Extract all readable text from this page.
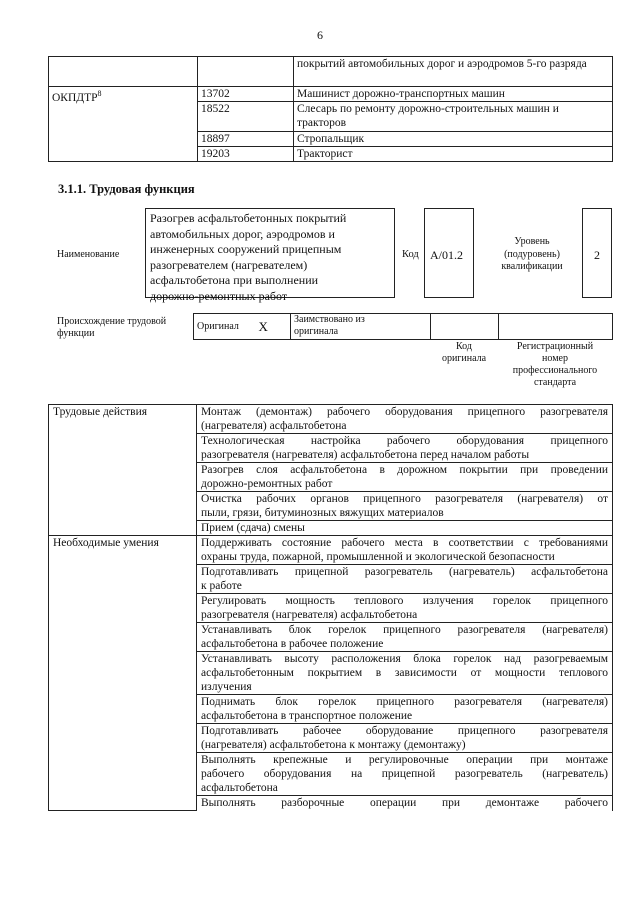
6
		покрытий автомобильных дорог и аэродромов 5-го разряда
ОКПДТР$^8$	13702	Машинист дорожно-транспортных машин
	18522	Слесарь по ремонту дорожно-строительных машин и тракторов
	18897	Стропальщик
	19203	Тракторист
3.1.1. Трудовая функция
Наименование
Разогрев асфальтобетонных покрытий
автомобильных дорог, аэродромов и
инженерных сооружений прицепным
разогревателем (нагревателем)
асфальтобетона при выполнении
дорожно-ремонтных работ
Код А/01.2
Уровень
(подуровень)
квалификации
2
Происхождение трудовой
функции
Оригинал	X	Заимствовано из
оригинала

Код
оригинала
Регистрационный
номер
профессионального
стандарта
Трудовые действия	Монтаж (демонтаж) рабочего оборудования прицепного разогревателя
(нагревателя) асфальтобетона

	Технологическая настройка рабочего оборудования прицепного
разогревателя (нагревателя) асфальтобетона перед началом работы

	Разогрев слоя асфальтобетона в дорожном покрытии при проведении
дорожно-ремонтных работ

	Очистка рабочих органов прицепного разогревателя (нагревателя) от
пыли, грязи, битуминозных вяжущих материалов

	Прием (сдача) смены

Необходимые умения	Поддерживать состояние рабочего места в соответствии с требованиями
охраны труда, пожарной, промышленной и экологической безопасности

	Подготавливать прицепной разогреватель (нагреватель) асфальтобетона
к работе

	Регулировать мощность теплового излучения горелок прицепного
разогревателя (нагревателя) асфальтобетона

	Устанавливать блок горелок прицепного разогревателя (нагревателя)
асфальтобетона в рабочее положение

	Устанавливать высоту расположения блока горелок над разогреваемым
асфальтобетонным покрытием в зависимости от мощности теплового
излучения

	Поднимать блок горелок прицепного разогревателя (нагревателя)
асфальтобетона в транспортное положение

	Подготавливать рабочее оборудование прицепного разогревателя
(нагревателя) асфальтобетона к монтажу (демонтажу)

	Выполнять крепежные и регулировочные операции при монтаже
рабочего оборудования на прицепной разогреватель (нагреватель)
асфальтобетона

	Выполнять разборочные операции при демонтаже рабочего
